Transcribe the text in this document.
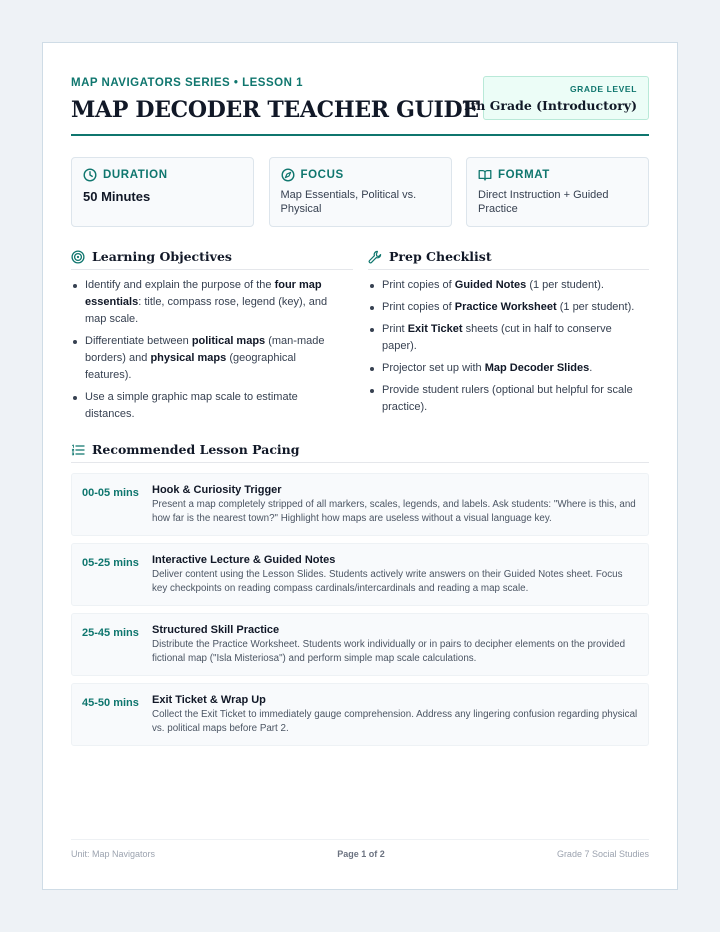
MAP NAVIGATORS SERIES • LESSON 1
MAP DECODER TEACHER GUIDE
GRADE LEVEL
7th Grade (Introductory)
DURATION
50 Minutes
FOCUS
Map Essentials, Political vs. Physical
FORMAT
Direct Instruction + Guided Practice
Learning Objectives
Identify and explain the purpose of the four map essentials: title, compass rose, legend (key), and map scale.
Differentiate between political maps (man-made borders) and physical maps (geographical features).
Use a simple graphic map scale to estimate distances.
Prep Checklist
Print copies of Guided Notes (1 per student).
Print copies of Practice Worksheet (1 per student).
Print Exit Ticket sheets (cut in half to conserve paper).
Projector set up with Map Decoder Slides.
Provide student rulers (optional but helpful for scale practice).
Recommended Lesson Pacing
00-05 mins Hook & Curiosity Trigger
Present a map completely stripped of all markers, scales, legends, and labels. Ask students: "Where is this, and how far is the nearest town?" Highlight how maps are useless without a visual language key.
05-25 mins Interactive Lecture & Guided Notes
Deliver content using the Lesson Slides. Students actively write answers on their Guided Notes sheet. Focus key checkpoints on reading compass cardinals/intercardinals and reading a map scale.
25-45 mins Structured Skill Practice
Distribute the Practice Worksheet. Students work individually or in pairs to decipher elements on the provided fictional map ("Isla Misteriosa") and perform simple map scale calculations.
45-50 mins Exit Ticket & Wrap Up
Collect the Exit Ticket to immediately gauge comprehension. Address any lingering confusion regarding physical vs. political maps before Part 2.
Unit: Map Navigators	Page 1 of 2	Grade 7 Social Studies
